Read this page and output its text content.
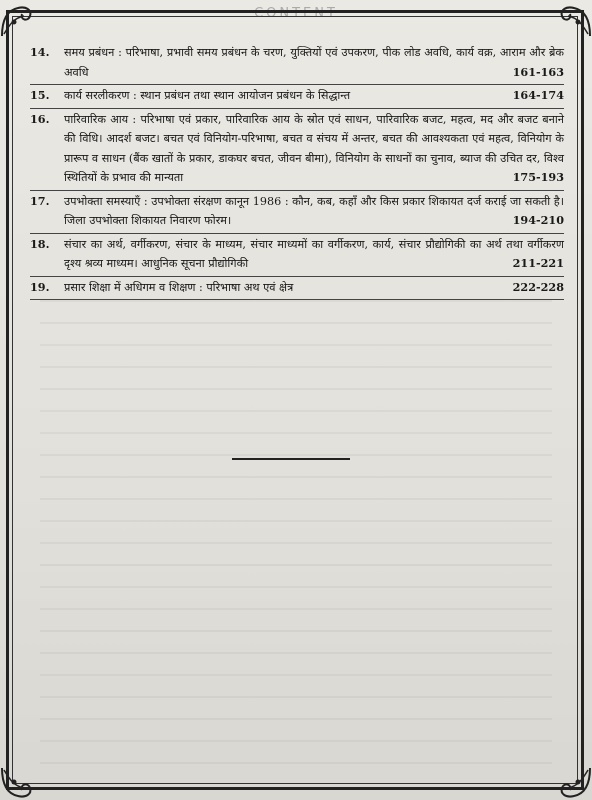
CONTENT
14.	समय प्रबंधन : परिभाषा, प्रभावी समय प्रबंधन के चरण, युक्तियों एवं उपकरण, पीक लोड अवधि, कार्य वक्र, आराम और ब्रेक अवधि	161-163
15.	कार्य सरलीकरण : स्थान प्रबंधन तथा स्थान आयोजन प्रबंधन के सिद्धान्त	164-174
16.	पारिवारिक आय : परिभाषा एवं प्रकार, पारिवारिक आय के स्रोत एवं साधन, पारिवारिक बजट, महत्व, मद और बजट बनाने की विधि। आदर्श बजट। बचत एवं विनियोग-परिभाषा, बचत व संचय में अन्तर, बचत की आवश्यकता एवं महत्व, विनियोग के प्रारूप व साधन (बैंक खातों के प्रकार, डाकघर बचत, जीवन बीमा), विनियोग के साधनों का चुनाव, ब्याज की उचित दर, विश्व स्थितियों के प्रभाव की मान्यता	175-193
17.	उपभोक्ता समस्याएँ : उपभोक्ता संरक्षण कानून 1986 : कौन, कब, कहाँ और किस प्रकार शिकायत दर्ज कराई जा सकती है। जिला उपभोक्ता शिकायत निवारण फोरम।	194-210
18.	संचार का अर्थ, वर्गीकरण, संचार के माध्यम, संचार माध्यमों का वर्गीकरण, कार्य, संचार प्रौद्योगिकी का अर्थ तथा वर्गीकरण दृश्य श्रव्य माध्यम। आधुनिक सूचना प्रौद्योगिकी	211-221
19.	प्रसार शिक्षा में अधिगम व शिक्षण : परिभाषा अथ एवं क्षेत्र	222-228
